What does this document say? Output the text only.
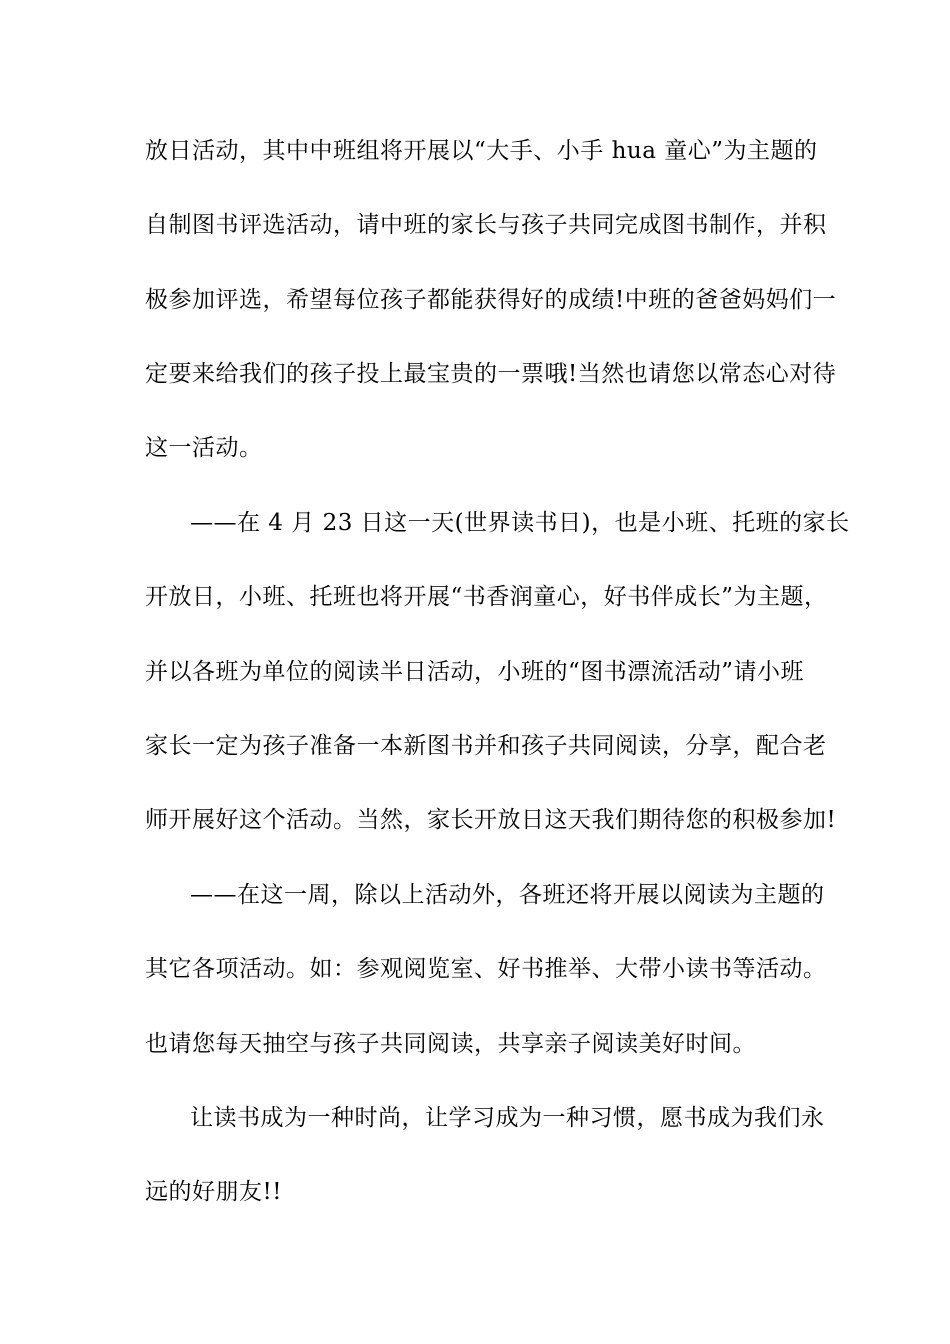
放日活动，其中中班组将开展以“大手、小手 hua 童心”为主题的
自制图书评选活动，请中班的家长与孩子共同完成图书制作，并积
极参加评选，希望每位孩子都能获得好的成绩!中班的爸爸妈妈们一
定要来给我们的孩子投上最宝贵的一票哦!当然也请您以常态心对待
这一活动。
——在 4 月 23 日这一天(世界读书日)，也是小班、托班的家长
开放日，小班、托班也将开展“书香润童心，好书伴成长”为主题，
并以各班为单位的阅读半日活动，小班的“图书漂流活动”请小班
家长一定为孩子准备一本新图书并和孩子共同阅读，分享，配合老
师开展好这个活动。当然，家长开放日这天我们期待您的积极参加!
——在这一周，除以上活动外，各班还将开展以阅读为主题的
其它各项活动。如：参观阅览室、好书推举、大带小读书等活动。
也请您每天抽空与孩子共同阅读，共享亲子阅读美好时间。
让读书成为一种时尚，让学习成为一种习惯，愿书成为我们永
远的好朋友!!
